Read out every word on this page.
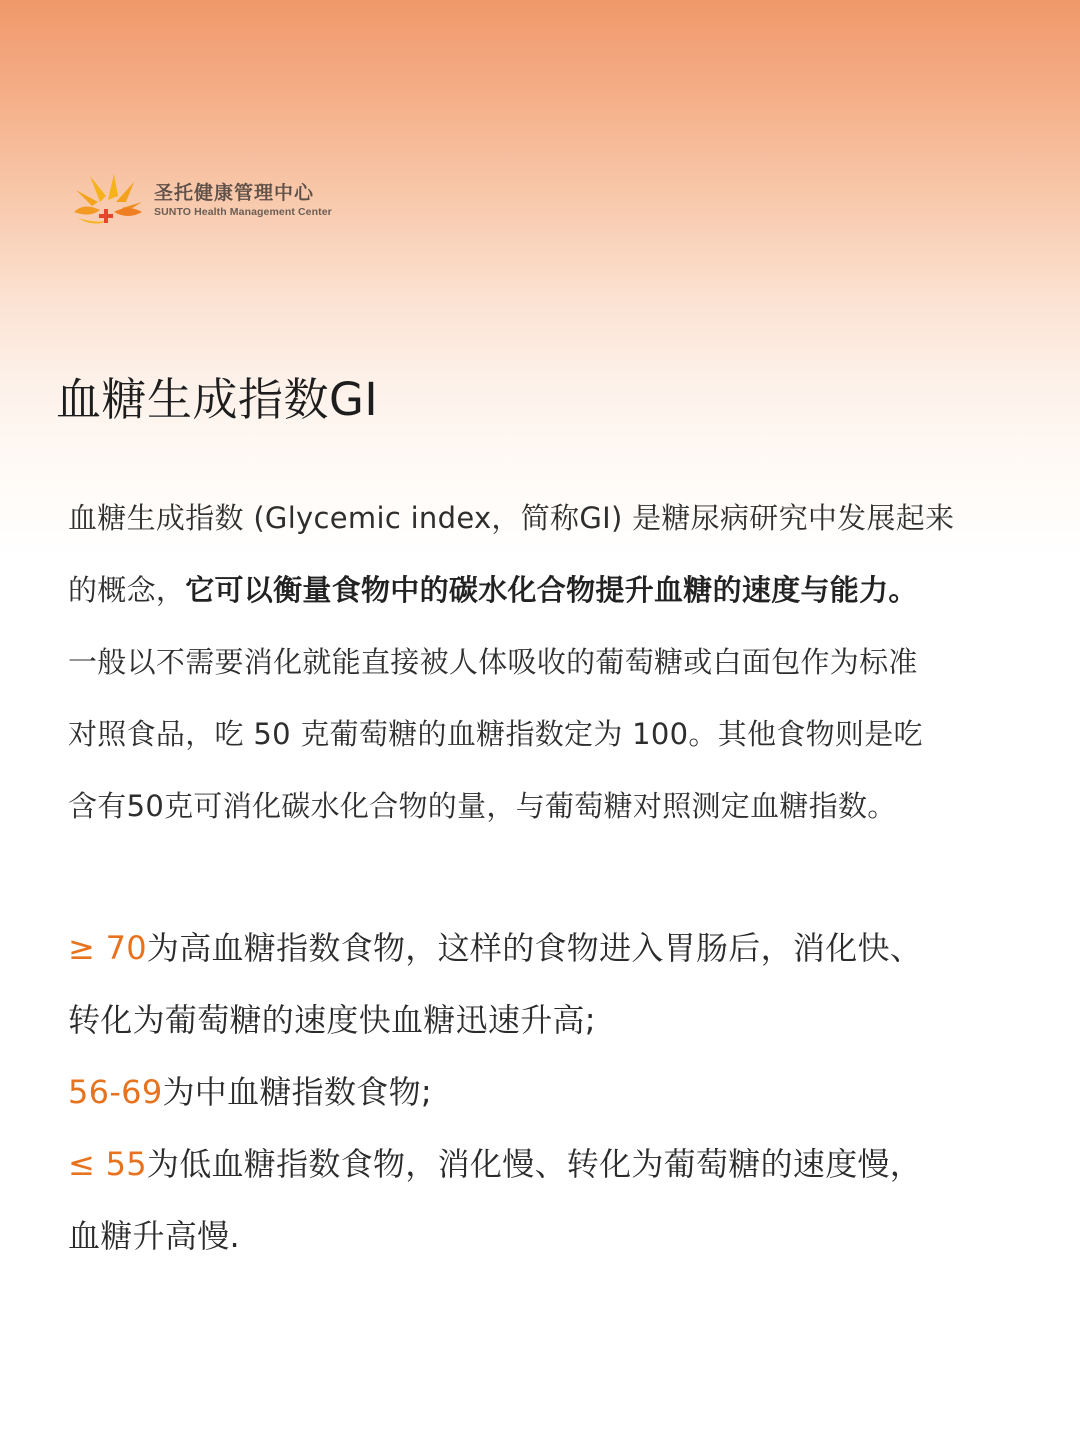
圣托健康管理中心
SUNTO Health Management Center
血糖生成指数GI
血糖生成指数 (Glycemic index，简称GI) 是糖尿病研究中发展起来
的概念，它可以衡量食物中的碳水化合物提升血糖的速度与能力。
一般以不需要消化就能直接被人体吸收的葡萄糖或白面包作为标准
对照食品，吃 50 克葡萄糖的血糖指数定为 100。其他食物则是吃
含有50克可消化碳水化合物的量，与葡萄糖对照测定血糖指数。
≥ 70为高血糖指数食物，这样的食物进入胃肠后，消化快、
转化为葡萄糖的速度快血糖迅速升高;
56-69为中血糖指数食物;
≤ 55为低血糖指数食物，消化慢、转化为葡萄糖的速度慢，
血糖升高慢.
